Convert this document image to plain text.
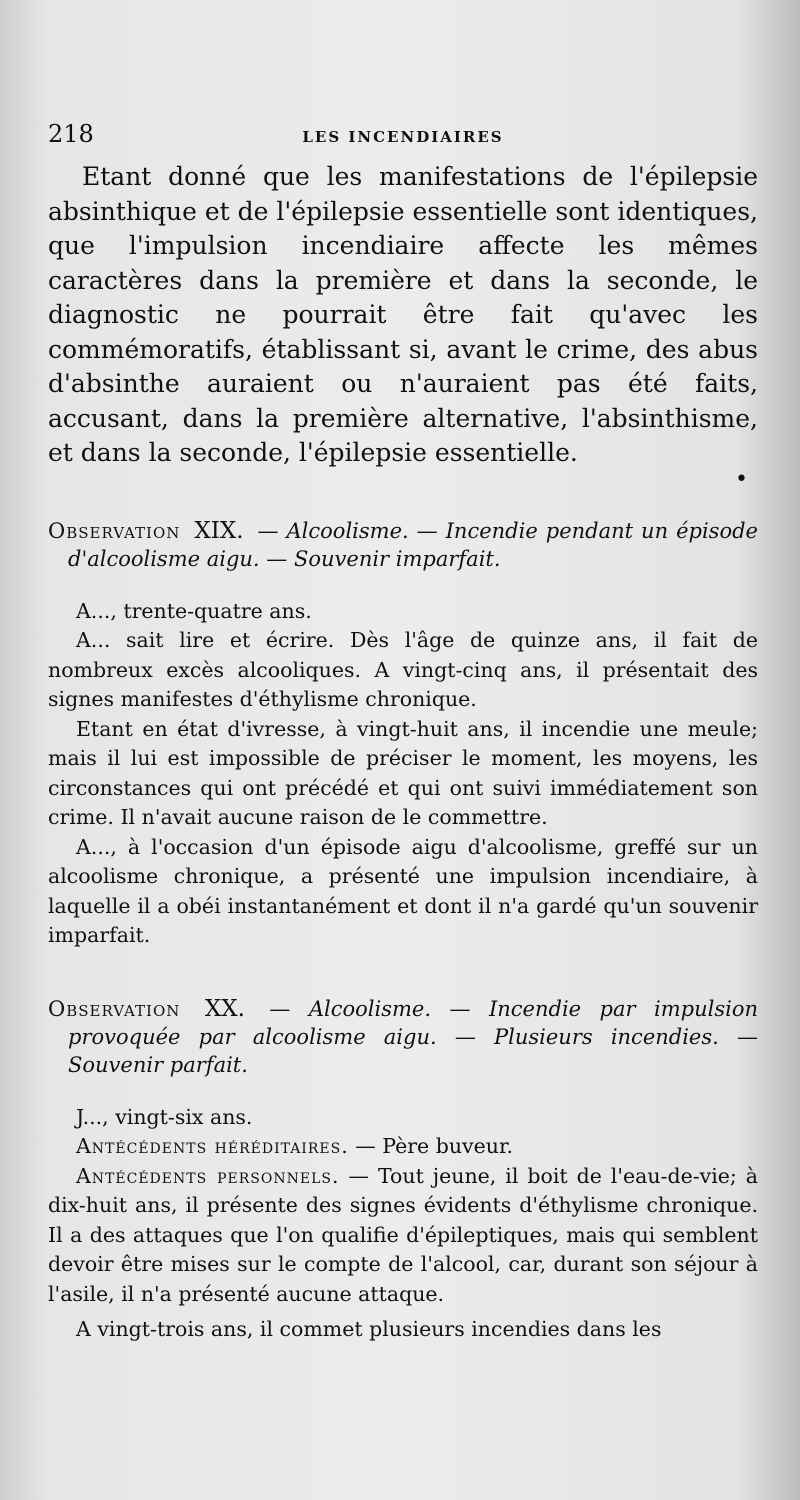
218	LES INCENDIAIRES

Etant donné que les manifestations de l'épilepsie absinthique et de l'épilepsie essentielle sont identiques, que l'impulsion incendiaire affecte les mêmes caractères dans la première et dans la seconde, le diagnostic ne pourrait être fait qu'avec les commémoratifs, établissant si, avant le crime, des abus d'absinthe auraient ou n'auraient pas été faits, accusant, dans la première alternative, l'absinthisme, et dans la seconde, l'épilepsie essentielle.

•
Observation XIX. — Alcoolisme. — Incendie pendant un épisode d'alcoolisme aigu. — Souvenir imparfait.

A..., trente-quatre ans.

A... sait lire et écrire. Dès l'âge de quinze ans, il fait de nombreux excès alcooliques. A vingt-cinq ans, il présentait des signes manifestes d'éthylisme chronique.

Etant en état d'ivresse, à vingt-huit ans, il incendie une meule; mais il lui est impossible de préciser le moment, les moyens, les circonstances qui ont précédé et qui ont suivi immédiatement son crime. Il n'avait aucune raison de le commettre.

A..., à l'occasion d'un épisode aigu d'alcoolisme, greffé sur un alcoolisme chronique, a présenté une impulsion incendiaire, à laquelle il a obéi instantanément et dont il n'a gardé qu'un souvenir imparfait.

Observation XX. — Alcoolisme. — Incendie par impulsion provoquée par alcoolisme aigu. — Plusieurs incendies. — Souvenir parfait.

J..., vingt-six ans.

Antécédents héréditaires. — Père buveur.

Antécédents personnels. — Tout jeune, il boit de l'eau-de-vie; à dix-huit ans, il présente des signes évidents d'éthylisme chronique. Il a des attaques que l'on qualifie d'épileptiques, mais qui semblent devoir être mises sur le compte de l'alcool, car, durant son séjour à l'asile, il n'a présenté aucune attaque.

A vingt-trois ans, il commet plusieurs incendies dans les
